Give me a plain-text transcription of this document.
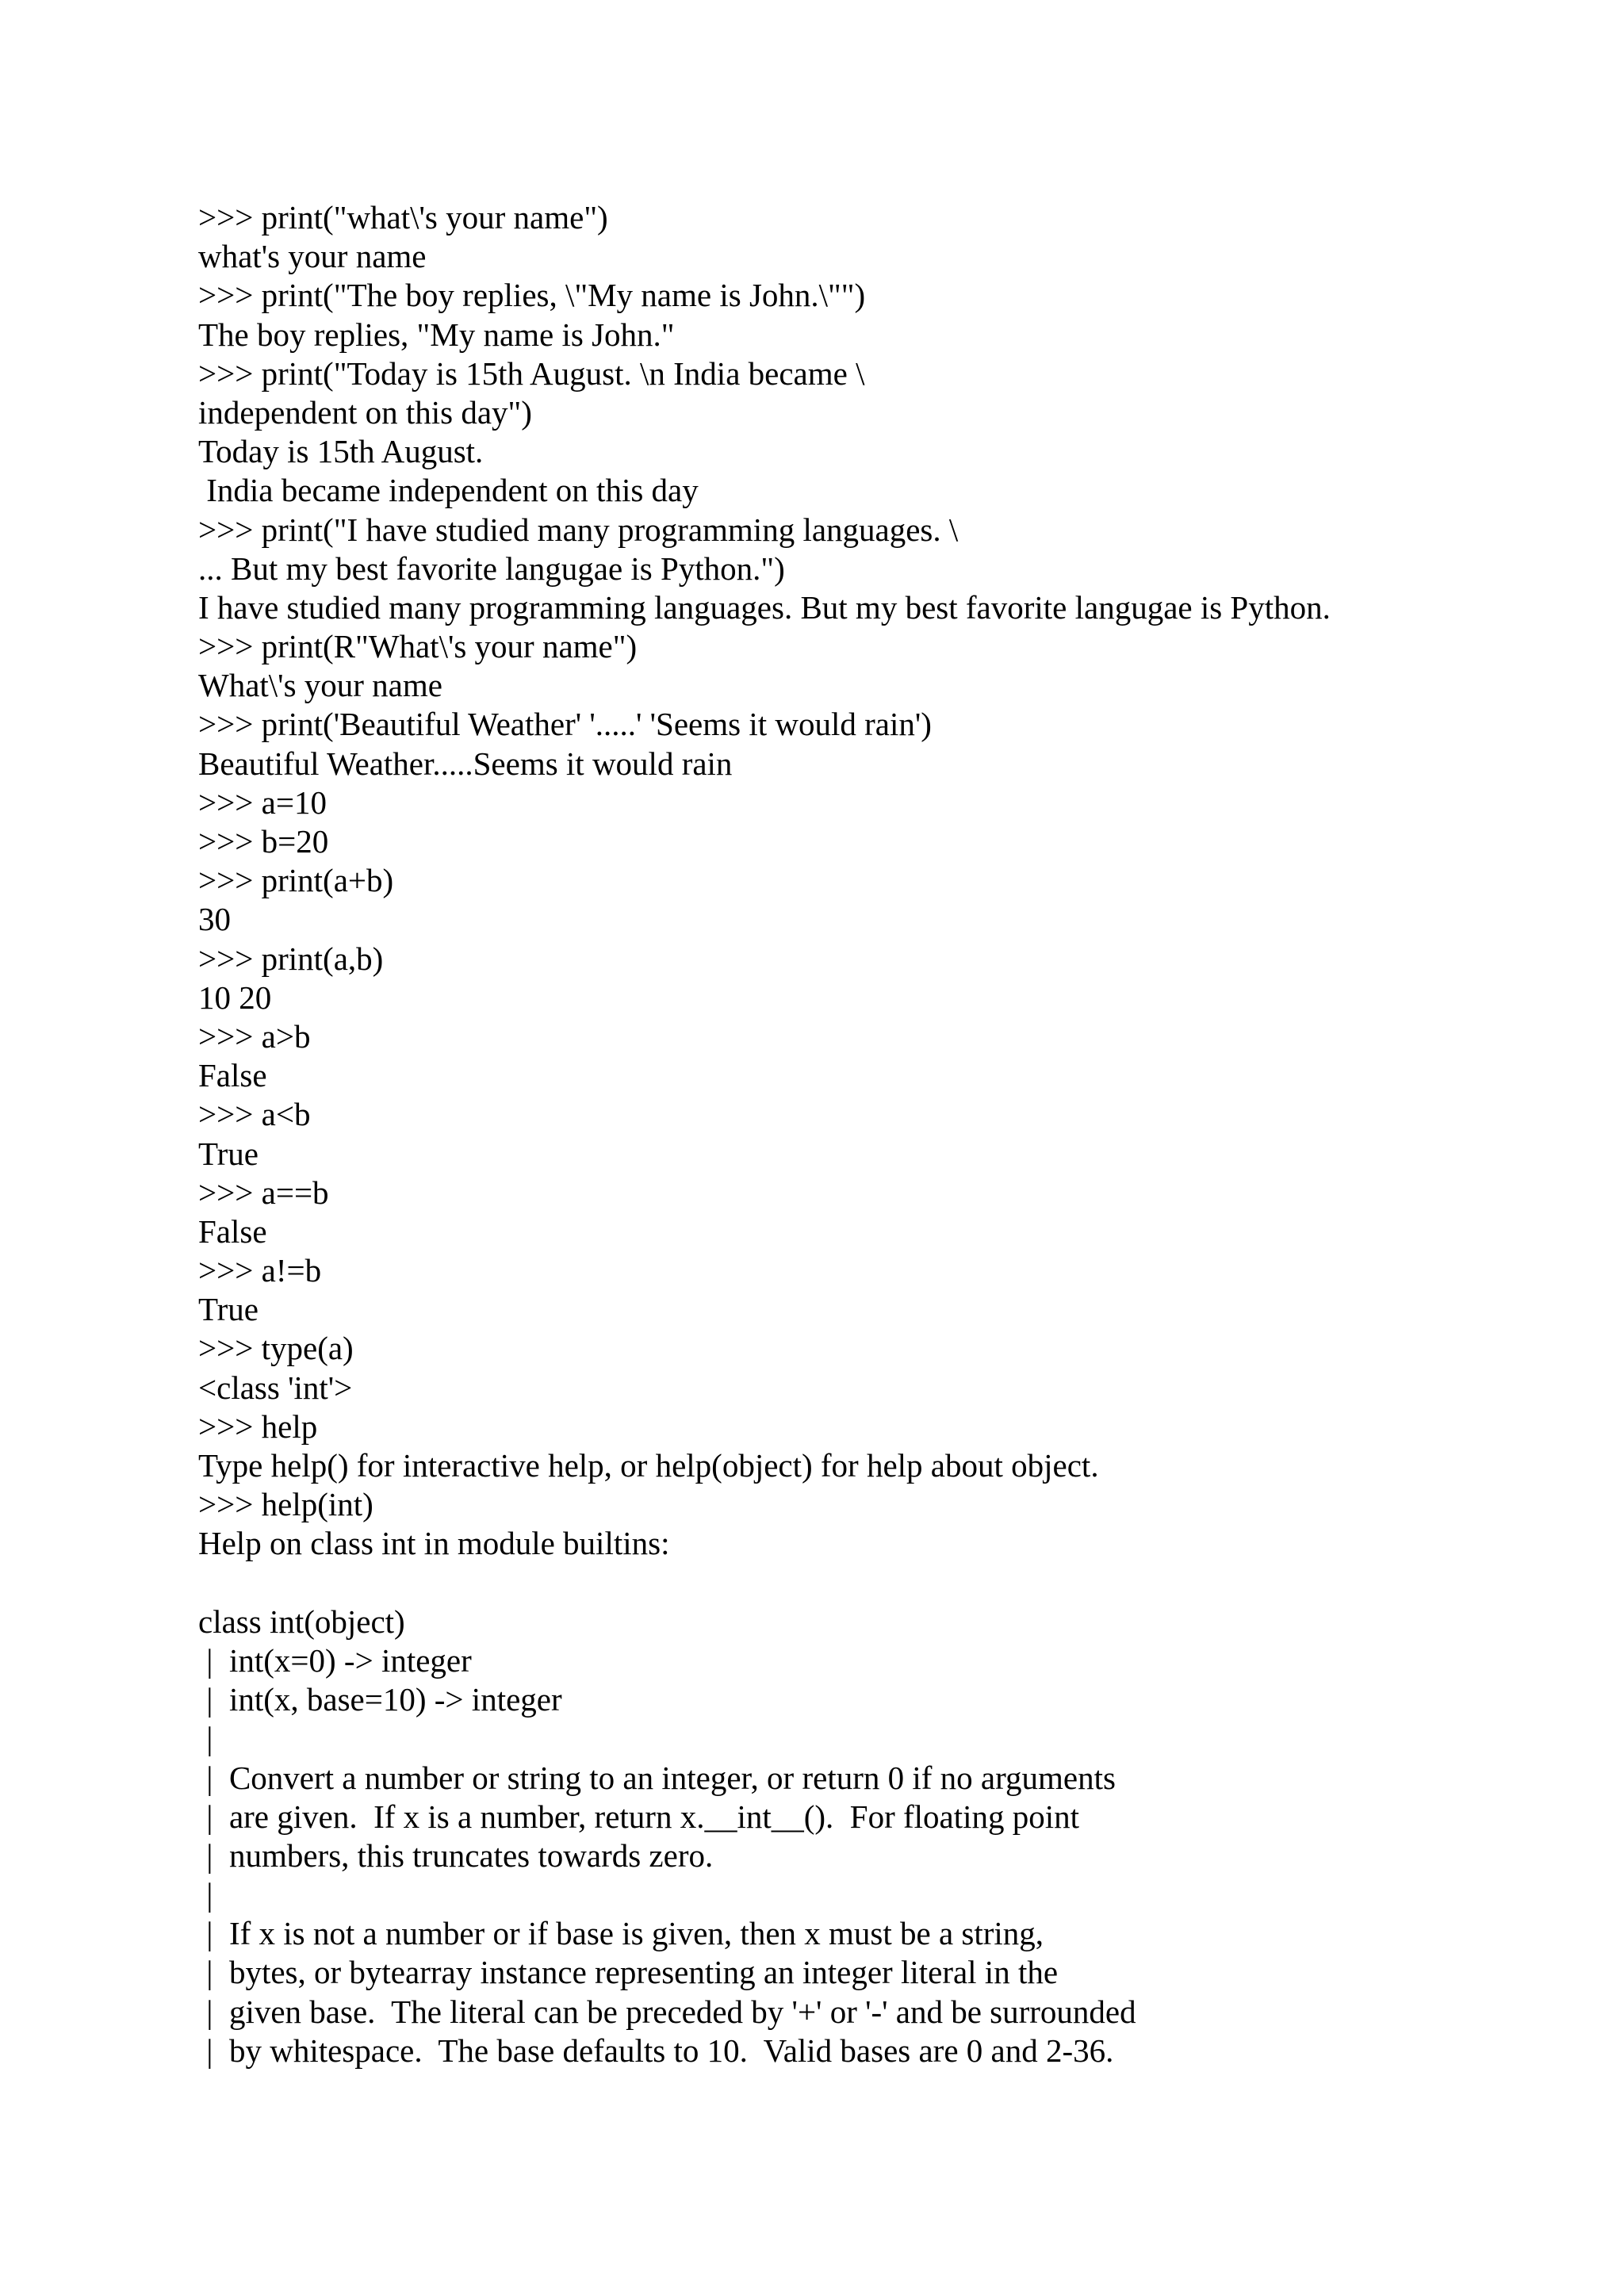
>>> print("what\'s your name")
what's your name
>>> print("The boy replies, \"My name is John.\"")
The boy replies, "My name is John."
>>> print("Today is 15th August. \n India became \
independent on this day")
Today is 15th August.
India became independent on this day
>>> print("I have studied many programming languages. \
... But my best favorite langugae is Python.")
I have studied many programming languages. But my best favorite langugae is Python.
>>> print(R"What\'s your name")
What\'s your name
>>> print('Beautiful Weather' '.....' 'Seems it would rain')
Beautiful Weather.....Seems it would rain
>>> a=10
>>> b=20
>>> print(a+b)
30
>>> print(a,b)
10 20
>>> a>b
False
>>> a<b
True
>>> a==b
False
>>> a!=b
True
>>> type(a)
<class 'int'>
>>> help
Type help() for interactive help, or help(object) for help about object.
>>> help(int)
Help on class int in module builtins:
class int(object)
|  int(x=0) -> integer
|  int(x, base=10) -> integer
|
|  Convert a number or string to an integer, or return 0 if no arguments
|  are given.  If x is a number, return x.__int__().  For floating point
|  numbers, this truncates towards zero.
|
|  If x is not a number or if base is given, then x must be a string,
|  bytes, or bytearray instance representing an integer literal in the
|  given base.  The literal can be preceded by '+' or '-' and be surrounded
|  by whitespace.  The base defaults to 10.  Valid bases are 0 and 2-36.
